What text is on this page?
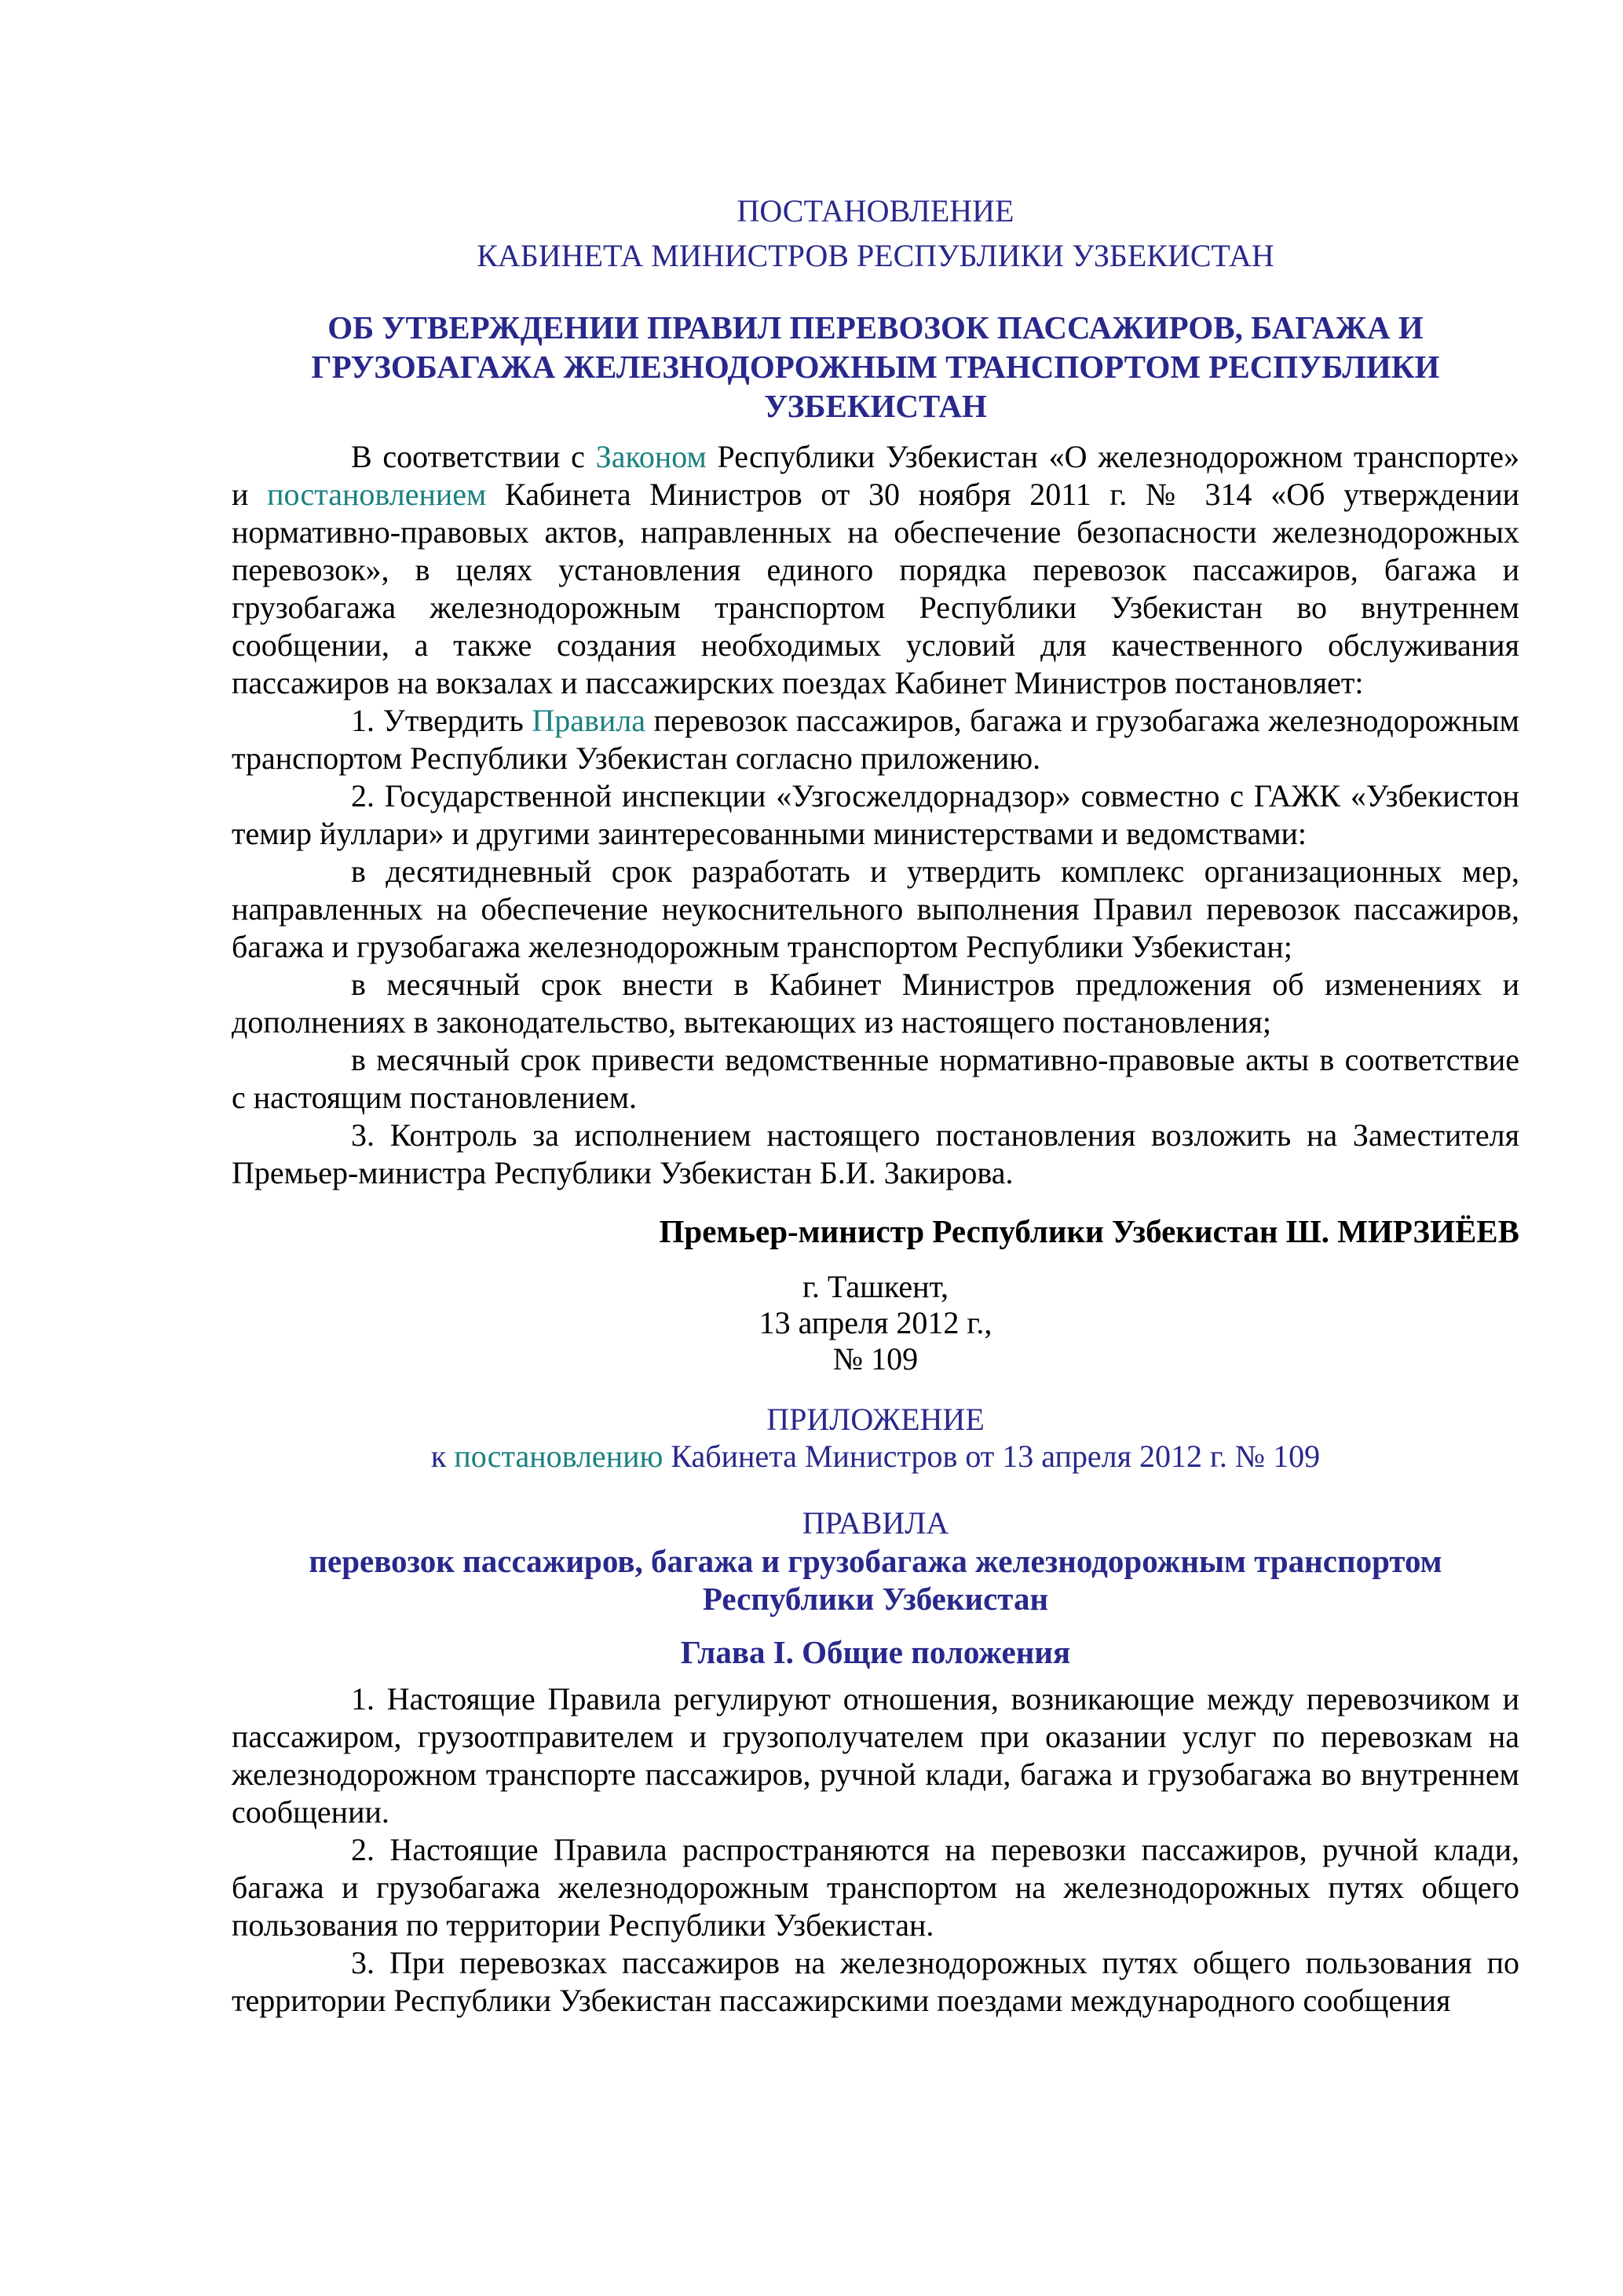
ПОСТАНОВЛЕНИЕ
КАБИНЕТА МИНИСТРОВ РЕСПУБЛИКИ УЗБЕКИСТАН
ОБ УТВЕРЖДЕНИИ ПРАВИЛ ПЕРЕВОЗОК ПАССАЖИРОВ, БАГАЖА И ГРУЗОБАГАЖА ЖЕЛЕЗНОДОРОЖНЫМ ТРАНСПОРТОМ РЕСПУБЛИКИ УЗБЕКИСТАН

В соответствии с Законом Республики Узбекистан «О железнодорожном транспорте» и постановлением Кабинета Министров от 30 ноября 2011 г. № 314 «Об утверждении нормативно-правовых актов, направленных на обеспечение безопасности железнодорожных перевозок», в целях установления единого порядка перевозок пассажиров, багажа и грузобагажа железнодорожным транспортом Республики Узбекистан во внутреннем сообщении, а также создания необходимых условий для качественного обслуживания пассажиров на вокзалах и пассажирских поездах Кабинет Министров постановляет:

1. Утвердить Правила перевозок пассажиров, багажа и грузобагажа железнодорожным транспортом Республики Узбекистан согласно приложению.

2. Государственной инспекции «Узгосжелдорнадзор» совместно с ГАЖК «Узбекистон темир йуллари» и другими заинтересованными министерствами и ведомствами:

в десятидневный срок разработать и утвердить комплекс организационных мер, направленных на обеспечение неукоснительного выполнения Правил перевозок пассажиров, багажа и грузобагажа железнодорожным транспортом Республики Узбекистан;

в месячный срок внести в Кабинет Министров предложения об изменениях и дополнениях в законодательство, вытекающих из настоящего постановления;

в месячный срок привести ведомственные нормативно-правовые акты в соответствие с настоящим постановлением.

3. Контроль за исполнением настоящего постановления возложить на Заместителя Премьер-министра Республики Узбекистан Б.И. Закирова.

Премьер-министр Республики Узбекистан Ш. МИРЗИЁЕВ

г. Ташкент,
13 апреля 2012 г.,
№ 109
ПРИЛОЖЕНИЕ
к постановлению Кабинета Министров от 13 апреля 2012 г. № 109
ПРАВИЛА
перевозок пассажиров, багажа и грузобагажа железнодорожным транспортом Республики Узбекистан
Глава I. Общие положения

1. Настоящие Правила регулируют отношения, возникающие между перевозчиком и пассажиром, грузоотправителем и грузополучателем при оказании услуг по перевозкам на железнодорожном транспорте пассажиров, ручной клади, багажа и грузобагажа во внутреннем сообщении.

2. Настоящие Правила распространяются на перевозки пассажиров, ручной клади, багажа и грузобагажа железнодорожным транспортом на железнодорожных путях общего пользования по территории Республики Узбекистан.

3. При перевозках пассажиров на железнодорожных путях общего пользования по территории Республики Узбекистан пассажирскими поездами международного сообщения
